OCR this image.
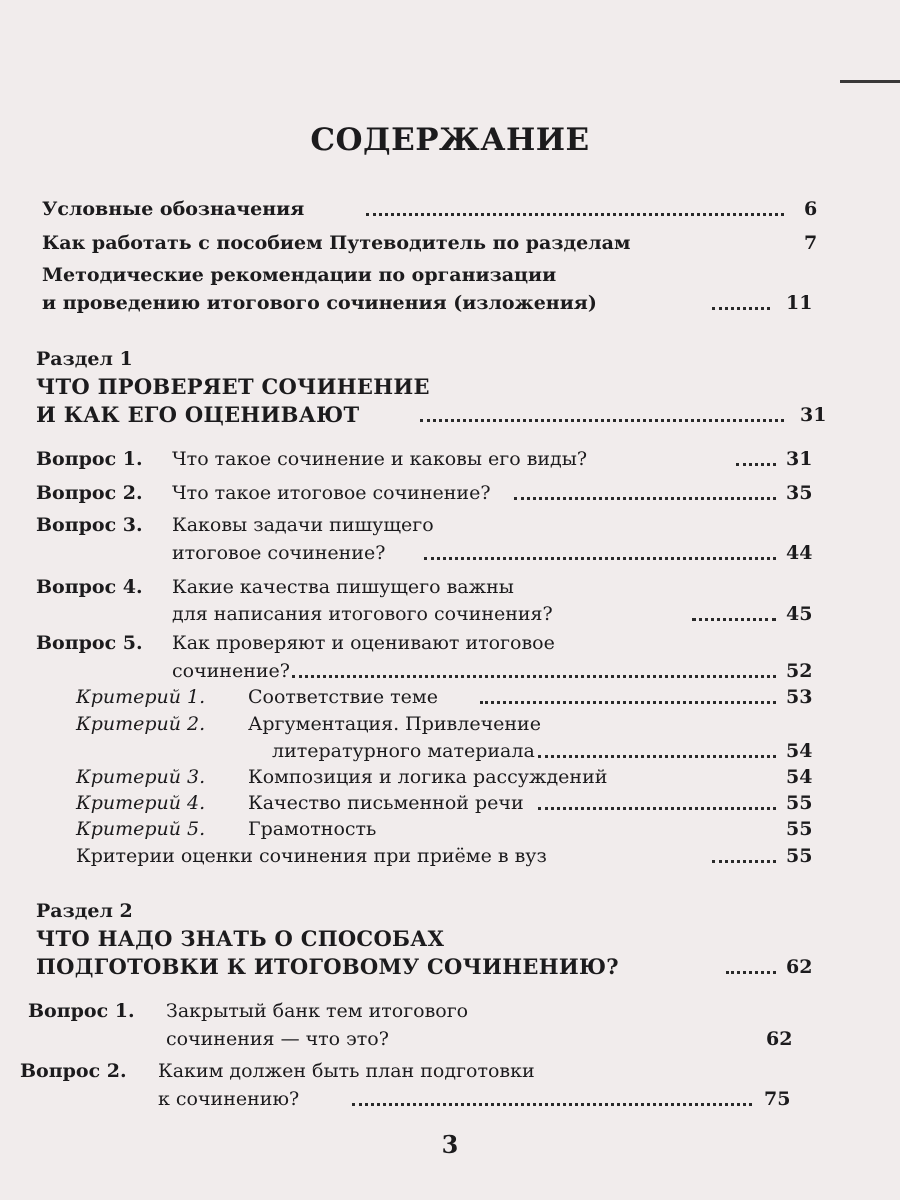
СОДЕРЖАНИЕ
Условные обозначения	6
Как работать с пособием Путеводитель по разделам	7
Методические рекомендации по организации
и проведению итогового сочинения (изложения)	11
Раздел 1
ЧТО ПРОВЕРЯЕТ СОЧИНЕНИЕ
И КАК ЕГО ОЦЕНИВАЮТ	31
Вопрос 1. Что такое сочинение и каковы его виды?	31
Вопрос 2. Что такое итоговое сочинение?	35
Вопрос 3. Каковы задачи пишущего
итоговое сочинение?	44
Вопрос 4. Какие качества пишущего важны
для написания итогового сочинения?	45
Вопрос 5. Как проверяют и оценивают итоговое
сочинение?	52
Критерий 1. Соответствие теме	53
Критерий 2. Аргументация. Привлечение
литературного материала	54
Критерий 3. Композиция и логика рассуждений	54
Критерий 4. Качество письменной речи	55
Критерий 5. Грамотность	55
Критерии оценки сочинения при приёме в вуз	55
Раздел 2
ЧТО НАДО ЗНАТЬ О СПОСОБАХ
ПОДГОТОВКИ К ИТОГОВОМУ СОЧИНЕНИЮ?	62
Вопрос 1. Закрытый банк тем итогового
сочинения — что это?	62
Вопрос 2. Каким должен быть план подготовки
к сочинению?	75
3
